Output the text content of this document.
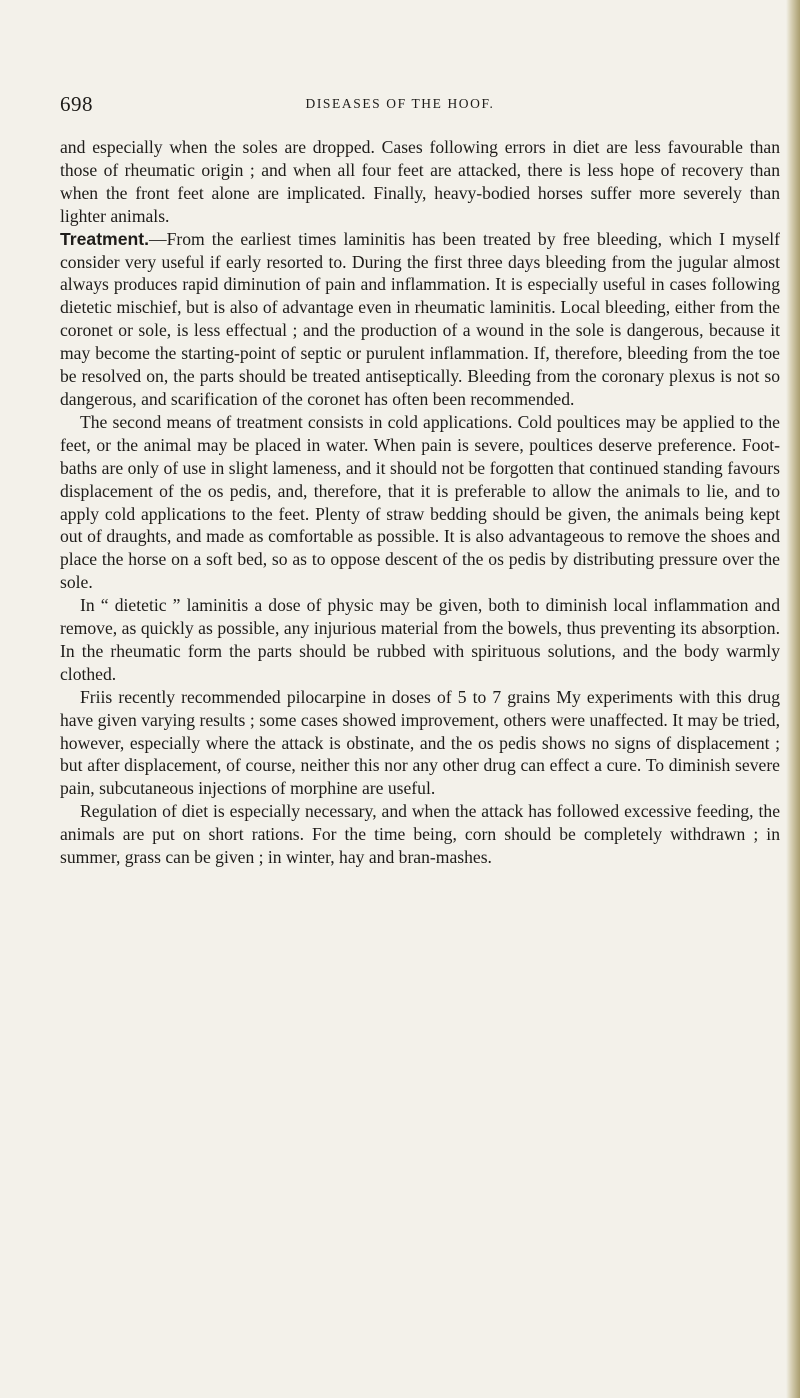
698	DISEASES OF THE HOOF.

and especially when the soles are dropped. Cases following errors in diet are less favourable than those of rheumatic origin ; and when all four feet are attacked, there is less hope of recovery than when the front feet alone are implicated. Finally, heavy-bodied horses suffer more severely than lighter animals.

Treatment.—From the earliest times laminitis has been treated by free bleeding, which I myself consider very useful if early resorted to. During the first three days bleeding from the jugular almost always produces rapid diminution of pain and inflammation. It is especially useful in cases following dietetic mischief, but is also of advantage even in rheumatic laminitis. Local bleeding, either from the coronet or sole, is less effectual ; and the production of a wound in the sole is dangerous, because it may become the starting-point of septic or purulent inflammation. If, therefore, bleeding from the toe be resolved on, the parts should be treated antiseptically. Bleeding from the coronary plexus is not so dangerous, and scarification of the coronet has often been recommended.

The second means of treatment consists in cold applications. Cold poultices may be applied to the feet, or the animal may be placed in water. When pain is severe, poultices deserve preference. Foot-baths are only of use in slight lameness, and it should not be forgotten that continued standing favours displacement of the os pedis, and, therefore, that it is preferable to allow the animals to lie, and to apply cold applications to the feet. Plenty of straw bedding should be given, the animals being kept out of draughts, and made as comfortable as possible. It is also advantageous to remove the shoes and place the horse on a soft bed, so as to oppose descent of the os pedis by distributing pressure over the sole.

In “ dietetic ” laminitis a dose of physic may be given, both to diminish local inflammation and remove, as quickly as possible, any injurious material from the bowels, thus preventing its absorption. In the rheumatic form the parts should be rubbed with spirituous solutions, and the body warmly clothed.

Friis recently recommended pilocarpine in doses of 5 to 7 grains My experiments with this drug have given varying results ; some cases showed improvement, others were unaffected. It may be tried, however, especially where the attack is obstinate, and the os pedis shows no signs of displacement ; but after displacement, of course, neither this nor any other drug can effect a cure. To diminish severe pain, subcutaneous injections of morphine are useful.

Regulation of diet is especially necessary, and when the attack has followed excessive feeding, the animals are put on short rations. For the time being, corn should be completely withdrawn ; in summer, grass can be given ; in winter, hay and bran-mashes.
